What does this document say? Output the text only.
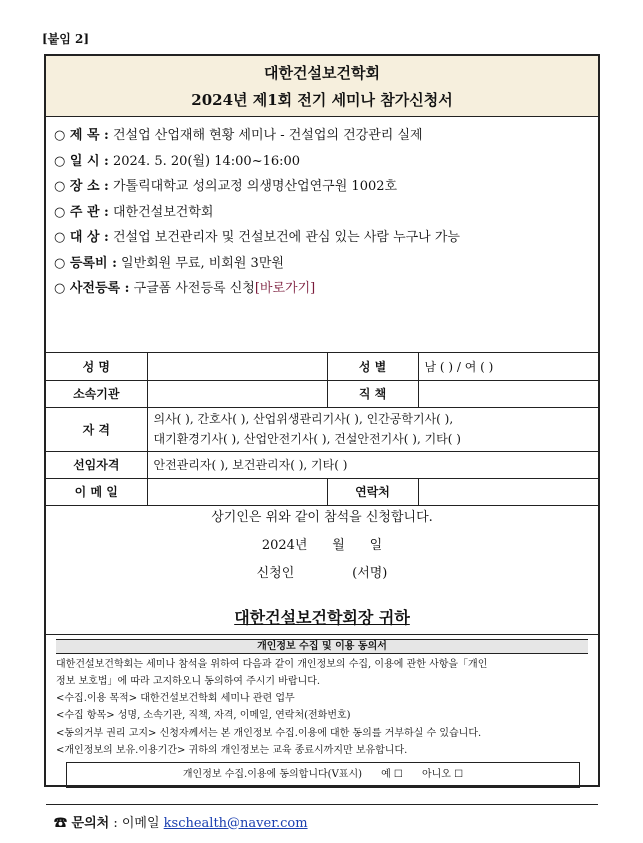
[붙임 2]
대한건설보건학회
2024년 제1회 전기 세미나 참가신청서
○ 제 목 : 건설업 산업재해 현황 세미나 - 건설업의 건강관리 실제
○ 일 시 : 2024. 5. 20(월) 14:00~16:00
○ 장 소 : 가톨릭대학교 성의교정 의생명산업연구원 1002호
○ 주 관 : 대한건설보건학회
○ 대 상 : 건설업 보건관리자 및 건설보건에 관심 있는 사람 누구나 가능
○ 등록비 : 일반회원 무료, 비회원 3만원
○ 사전등록 : 구글폼 사전등록 신청[바로가기]
성 명		성 별	남 ( ) / 여 ( )
소속기관		직 책	
자 격	의사( ), 간호사( ), 산업위생관리기사( ), 인간공학기사( ),
대기환경기사( ), 산업안전기사( ), 건설안전기사( ), 기타( )		

선임자격	안전관리자( ), 보건관리자( ), 기타( )		
이 메 일		연락처	
상기인은 위와 같이 참석을 신청합니다.
2024년      월      일
신청인              (서명)
대한건설보건학회장 귀하
개인정보 수집 및 이용 동의서
대한건설보건학회는 세미나 참석을 위하여 다음과 같이 개인정보의 수집, 이용에 관한 사항을「개인
정보 보호법」에 따라 고지하오니 동의하여 주시기 바랍니다.
<수집.이용 목적> 대한건설보건학회 세미나 관련 업무
<수집 항목> 성명, 소속기관, 직책, 자격, 이메일, 연락처(전화번호)
<동의거부 권리 고지> 신청자께서는 본 개인정보 수집.이용에 대한 동의를 거부하실 수 있습니다.
<개인정보의 보유.이용기간> 귀하의 개인정보는 교육 종료시까지만 보유합니다.
개인정보 수집.이용에 동의합니다(V표시) 예 ☐ 아니오 ☐
☎ 문의처 : 이메일 kschealth@naver.com
